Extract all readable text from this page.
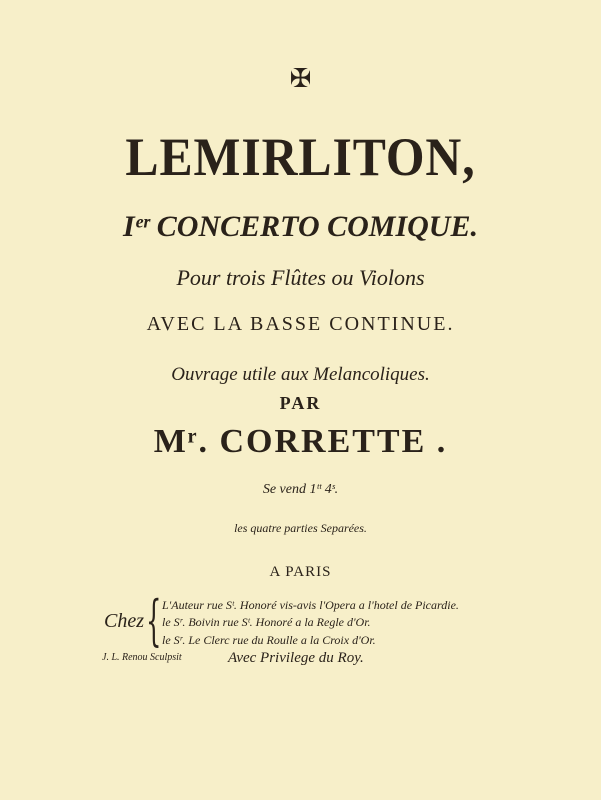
✠
LEMIRLITON,
Iᵉʳ CONCERTO COMIQUE.
Pour trois Flûtes ou Violons
AVEC LA BASSE CONTINUE.
Ouvrage utile aux Melancoliques.
PAR
Mʳ. CORRETTE .
Se vend 1ᵗᵗ 4ˢ.
les quatre parties Separées.
A PARIS
Chez { L'Auteur rue Sᵗ. Honoré vis-avis l'Opera a l'hotel de Picardie.
le Sʳ. Boivin rue Sᵗ. Honoré a la Regle d'Or.
le Sʳ. Le Clerc rue du Roulle a la Croix d'Or.
J. L. Renou Sculpsit	Avec Privilege du Roy.
